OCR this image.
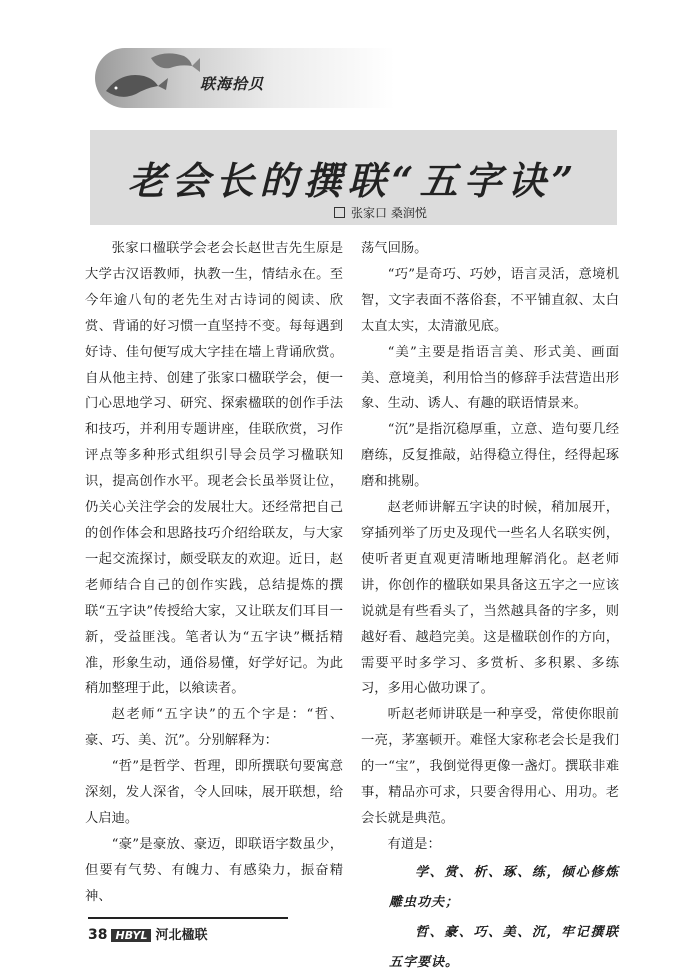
联海拾贝
老会长的撰联“五字诀”
张家口 桑润悦

张家口楹联学会老会长赵世吉先生原是大学古汉语教师，执教一生，情结永在。至今年逾八旬的老先生对古诗词的阅读、欣赏、背诵的好习惯一直坚持不变。每每遇到好诗、佳句便写成大字挂在墙上背诵欣赏。自从他主持、创建了张家口楹联学会，便一门心思地学习、研究、探索楹联的创作手法和技巧，并利用专题讲座，佳联欣赏，习作评点等多种形式组织引导会员学习楹联知识，提高创作水平。现老会长虽举贤让位，仍关心关注学会的发展壮大。还经常把自己的创作体会和思路技巧介绍给联友，与大家一起交流探讨，颇受联友的欢迎。近日，赵老师结合自己的创作实践，总结提炼的撰联“五字诀”传授给大家，又让联友们耳目一新，受益匪浅。笔者认为“五字诀”概括精准，形象生动，通俗易懂，好学好记。为此稍加整理于此，以飨读者。

赵老师“五字诀”的五个字是：“哲、豪、巧、美、沉”。分别解释为：

“哲”是哲学、哲理，即所撰联句要寓意深刻，发人深省，令人回味，展开联想，给人启迪。

“豪”是豪放、豪迈，即联语字数虽少，但要有气势、有魄力、有感染力，振奋精神、

荡气回肠。

“巧”是奇巧、巧妙，语言灵活，意境机智，文字表面不落俗套，不平铺直叙、太白太直太实，太清澈见底。

“美”主要是指语言美、形式美、画面美、意境美，利用恰当的修辞手法营造出形象、生动、诱人、有趣的联语情景来。

“沉”是指沉稳厚重，立意、造句要几经磨练，反复推敲，站得稳立得住，经得起琢磨和挑剔。

赵老师讲解五字诀的时候，稍加展开，穿插列举了历史及现代一些名人名联实例，使听者更直观更清晰地理解消化。赵老师讲，你创作的楹联如果具备这五字之一应该说就是有些看头了，当然越具备的字多，则越好看、越趋完美。这是楹联创作的方向，需要平时多学习、多赏析、多积累、多练习，多用心做功课了。

听赵老师讲联是一种享受，常使你眼前一亮，茅塞顿开。难怪大家称老会长是我们的一“宝”，我倒觉得更像一盏灯。撰联非难事，精品亦可求，只要舍得用心、用功。老会长就是典范。

有道是：

学、赏、析、琢、练，倾心修炼雕虫功夫；

哲、豪、巧、美、沉，牢记撰联五字要诀。

38 HBYL 河北楹联
